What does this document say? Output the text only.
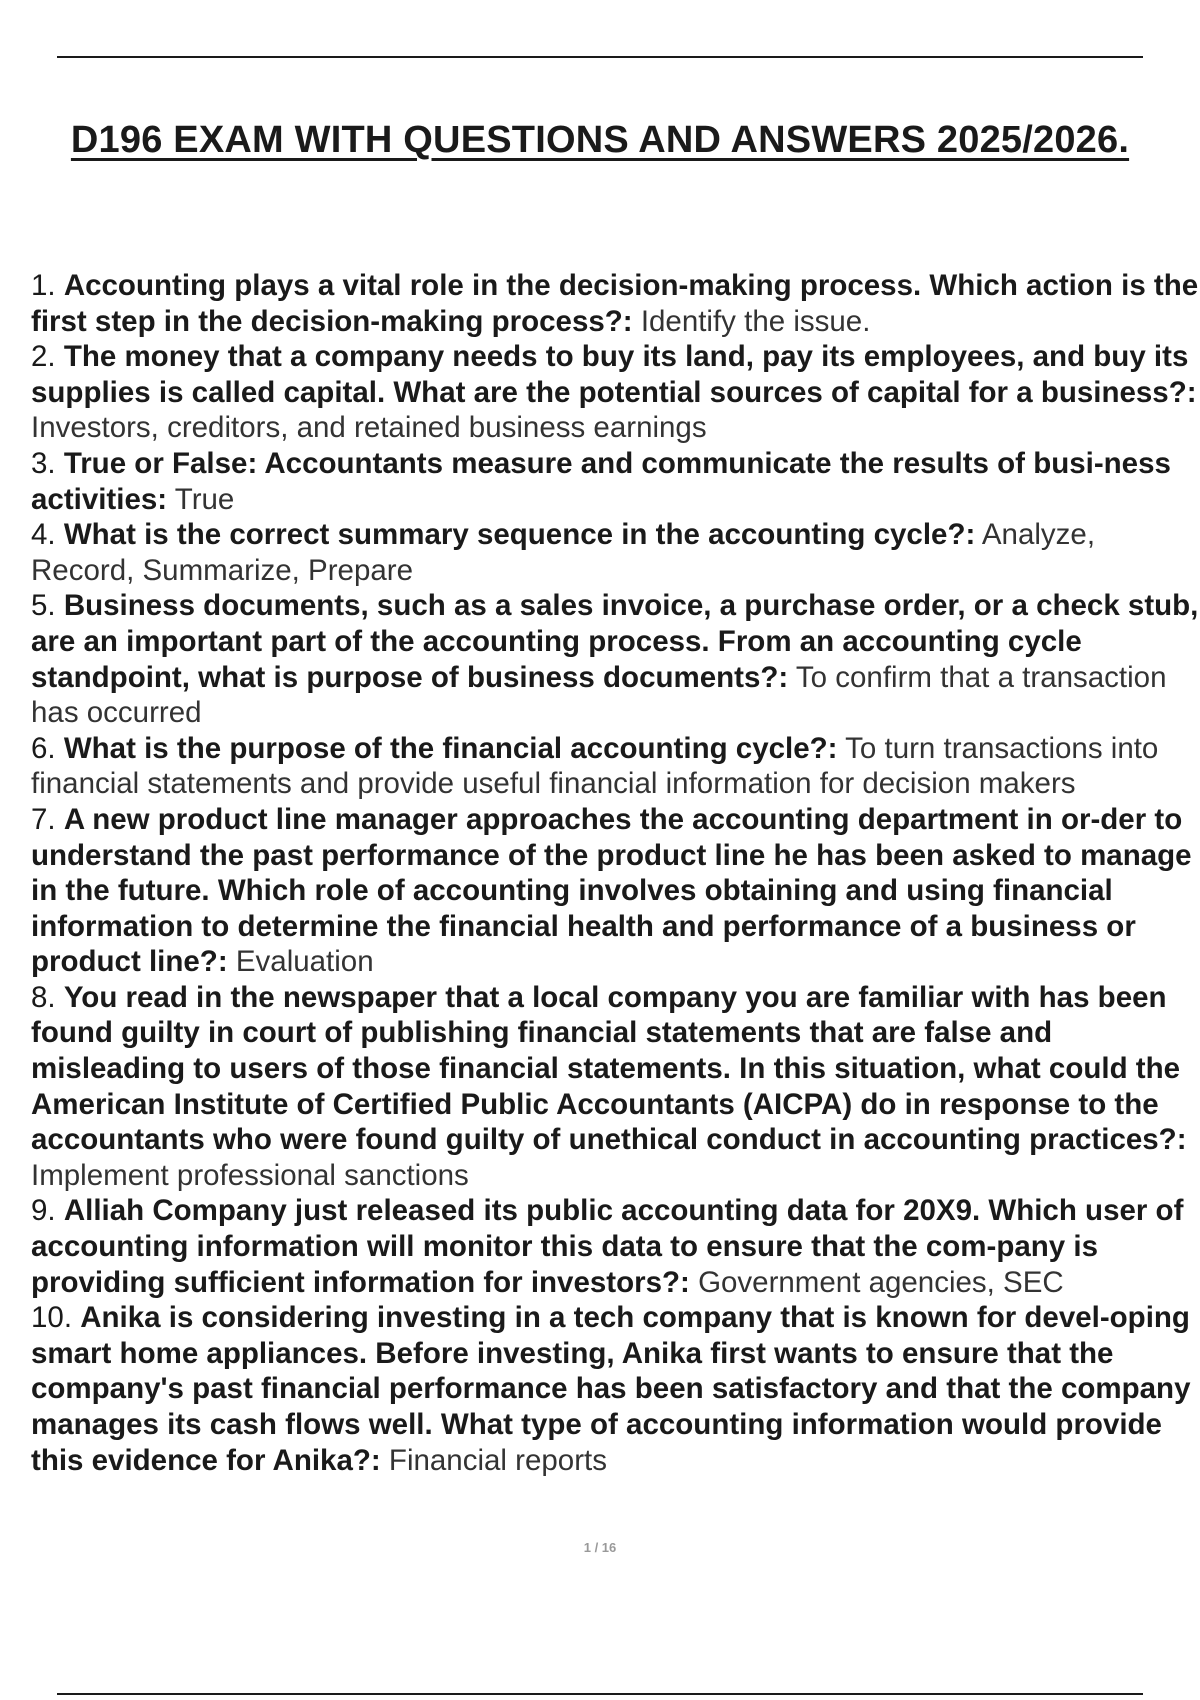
D196 EXAM WITH QUESTIONS AND ANSWERS 2025/2026.
1. Accounting plays a vital role in the decision-making process. Which action is the first step in the decision-making process?: Identify the issue.
2. The money that a company needs to buy its land, pay its employees, and buy its supplies is called capital. What are the potential sources of capital for a business?: Investors, creditors, and retained business earnings
3. True or False: Accountants measure and communicate the results of busi-ness activities: True
4. What is the correct summary sequence in the accounting cycle?: Analyze, Record, Summarize, Prepare
5. Business documents, such as a sales invoice, a purchase order, or a check stub, are an important part of the accounting process. From an accounting cycle standpoint, what is purpose of business documents?: To confirm that a transaction has occurred
6. What is the purpose of the financial accounting cycle?: To turn transactions into financial statements and provide useful financial information for decision makers
7. A new product line manager approaches the accounting department in or-der to understand the past performance of the product line he has been asked to manage in the future. Which role of accounting involves obtaining and using financial information to determine the financial health and performance of a business or product line?: Evaluation
8. You read in the newspaper that a local company you are familiar with has been found guilty in court of publishing financial statements that are false and misleading to users of those financial statements. In this situation, what could the American Institute of Certified Public Accountants (AICPA) do in response to the accountants who were found guilty of unethical conduct in accounting practices?: Implement professional sanctions
9. Alliah Company just released its public accounting data for 20X9. Which user of accounting information will monitor this data to ensure that the com-pany is providing sufficient information for investors?: Government agencies, SEC
10. Anika is considering investing in a tech company that is known for devel-oping smart home appliances. Before investing, Anika first wants to ensure that the company's past financial performance has been satisfactory and that the company manages its cash flows well. What type of accounting information would provide this evidence for Anika?: Financial reports
1 / 16
